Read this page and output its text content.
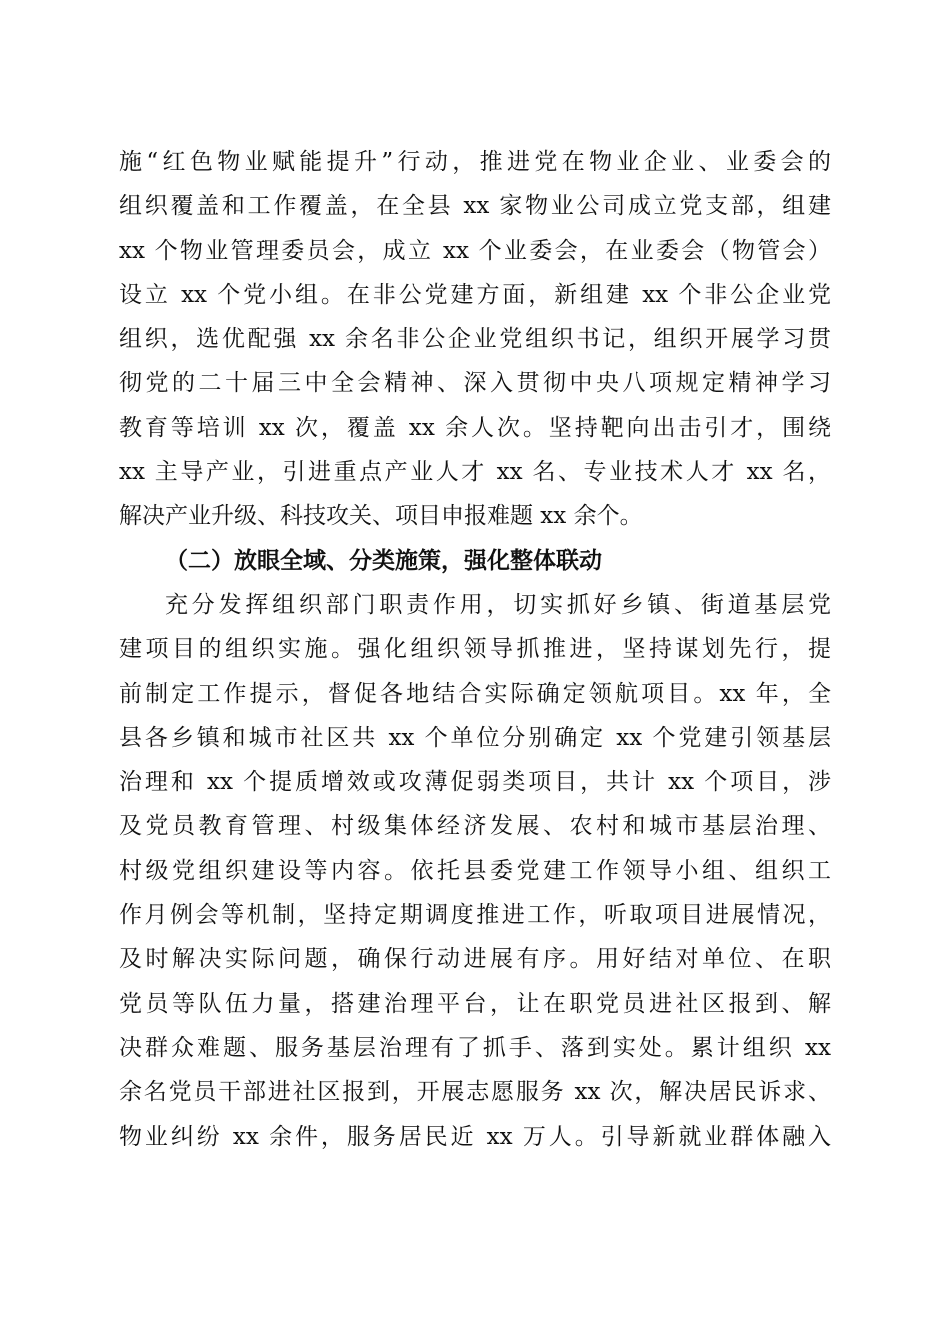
施“红色物业赋能提升”行动，推进党在物业企业、业委会的
组织覆盖和工作覆盖，在全县 xx 家物业公司成立党支部，组建
xx 个物业管理委员会，成立 xx 个业委会，在业委会（物管会）
设立 xx 个党小组。在非公党建方面，新组建 xx 个非公企业党
组织，选优配强 xx 余名非公企业党组织书记，组织开展学习贯
彻党的二十届三中全会精神、深入贯彻中央八项规定精神学习
教育等培训 xx 次，覆盖 xx 余人次。坚持靶向出击引才，围绕
xx 主导产业，引进重点产业人才 xx 名、专业技术人才 xx 名，
解决产业升级、科技攻关、项目申报难题 xx 余个。
（二）放眼全域、分类施策，强化整体联动
充分发挥组织部门职责作用，切实抓好乡镇、街道基层党
建项目的组织实施。强化组织领导抓推进，坚持谋划先行，提
前制定工作提示，督促各地结合实际确定领航项目。xx 年，全
县各乡镇和城市社区共 xx 个单位分别确定 xx 个党建引领基层
治理和 xx 个提质增效或攻薄促弱类项目，共计 xx 个项目，涉
及党员教育管理、村级集体经济发展、农村和城市基层治理、
村级党组织建设等内容。依托县委党建工作领导小组、组织工
作月例会等机制，坚持定期调度推进工作，听取项目进展情况，
及时解决实际问题，确保行动进展有序。用好结对单位、在职
党员等队伍力量，搭建治理平台，让在职党员进社区报到、解
决群众难题、服务基层治理有了抓手、落到实处。累计组织 xx
余名党员干部进社区报到，开展志愿服务 xx 次，解决居民诉求、
物业纠纷 xx 余件，服务居民近 xx 万人。引导新就业群体融入
